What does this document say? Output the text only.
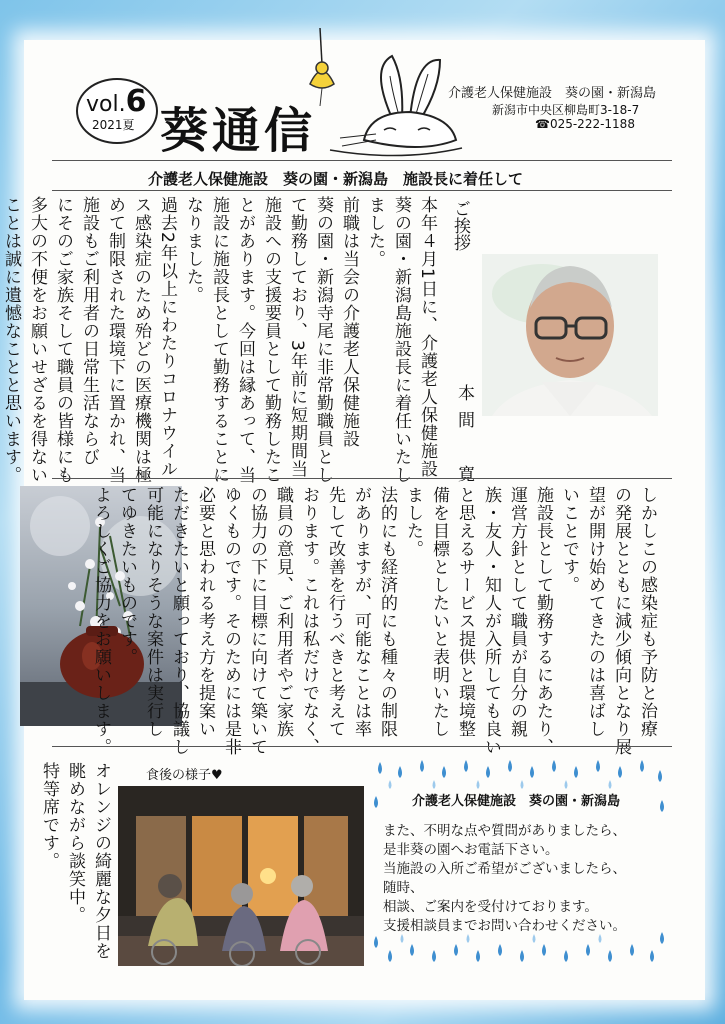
vol.6
2021夏 葵通信
介護老人保健施設　葵の園・新潟島
新潟市中央区柳島町3-18-7
☎025-222-1188
介護老人保健施設　葵の園・新潟島　施設長に着任して
ご挨拶
本間　寛
本年４月1日に、介護老人保健施設
葵の園・新潟島施設長に着任いたし
ました。
前職は当会の介護老人保健施設
葵の園・新潟寺尾に非常勤職員とし
て勤務しており、3年前に短期間当
施設への支援要員として勤務したこ
とがあります。今回は縁あって、当
施設に施設長として勤務することに
なりました。
過去2年以上にわたりコロナウイル
ス感染症のため殆どの医療機関は極
めて制限された環境下に置かれ、当
施設もご利用者の日常生活ならび
にそのご家族そして職員の皆様にも
多大の不便をお願いせざるを得ない
ことは誠に遺憾なことと思います。
しかしこの感染症も予防と治療
の発展とともに減少傾向となり展
望が開け始めてきたのは喜ばし
いことです。
施設長として勤務するにあたり、
運営方針として職員が自分の親
族・友人・知人が入所しても良い
と思えるサービス提供と環境整
備を目標としたいと表明いたし
ました。
法的にも経済的にも種々の制限
がありますが、可能なことは率
先して改善を行うべきと考えて
おります。これは私だけでなく、
職員の意見、ご利用者やご家族
の協力の下に目標に向けて築いて
ゆくものです。そのためには是非
必要と思われる考え方を提案い
ただきたいと願っており、協議し
可能になりそうな案件は実行し
てゆきたいものです。
よろしくご協力をお願いします。
食後の様子♥
オレンジの綺麗な夕日を
眺めながら談笑中。
特等席です。	介護老人保健施設　葵の園・新潟島
また、不明な点や質問がありましたら、
是非葵の園へお電話下さい。
当施設の入所ご希望がございましたら、
随時、
相談、ご案内を受付けております。
支援相談員までお問い合わせください。
